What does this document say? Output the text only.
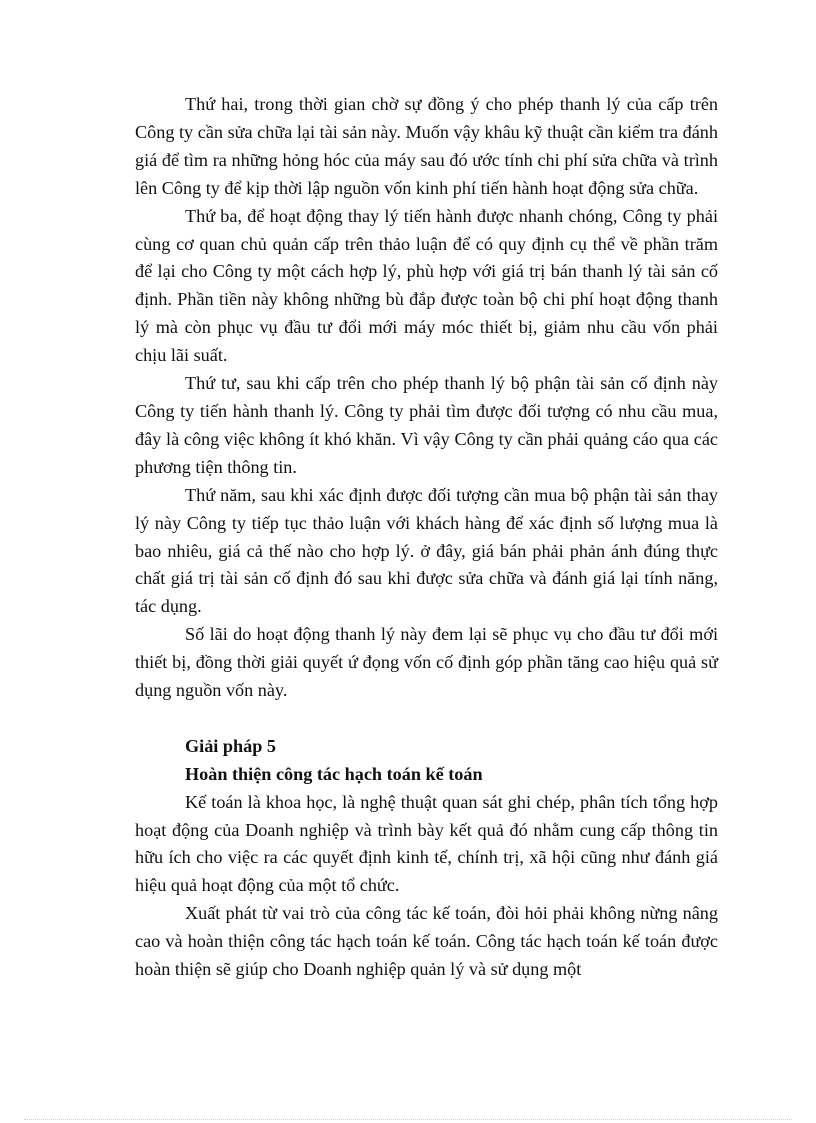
Thứ hai, trong thời gian chờ sự đồng ý cho phép thanh lý của cấp trên Công ty cần sửa chữa lại tài sản này. Muốn vậy khâu kỹ thuật cần kiểm tra đánh giá để tìm ra những hỏng hóc của máy sau đó ước tính chi phí sửa chữa và trình lên Công ty để kịp thời lập nguồn vốn kinh phí tiến hành hoạt động sửa chữa.

Thứ ba, để hoạt động thay lý tiến hành được nhanh chóng, Công ty phải cùng cơ quan chủ quản cấp trên thảo luận để có quy định cụ thể về phần trăm để lại cho Công ty một cách hợp lý, phù hợp với giá trị bán thanh lý tài sản cố định. Phần tiền này không những bù đắp được toàn bộ chi phí hoạt động thanh lý mà còn phục vụ đầu tư đổi mới máy móc thiết bị, giảm nhu cầu vốn phải chịu lãi suất.

Thứ tư, sau khi cấp trên cho phép thanh lý bộ phận tài sản cố định này Công ty tiến hành thanh lý. Công ty phải tìm được đối tượng có nhu cầu mua, đây là công việc không ít khó khăn. Vì vậy Công ty cần phải quảng cáo qua các phương tiện thông tin.

Thứ năm, sau khi xác định được đối tượng cần mua bộ phận tài sản thay lý này Công ty tiếp tục thảo luận với khách hàng để xác định số lượng mua là bao nhiêu, giá cả thế nào cho hợp lý. ở đây, giá bán phải phản ánh đúng thực chất giá trị tài sản cố định đó sau khi được sửa chữa và đánh giá lại tính năng, tác dụng.

Số lãi do hoạt động thanh lý này đem lại sẽ phục vụ cho đầu tư đổi mới thiết bị, đồng thời giải quyết ứ đọng vốn cố định góp phần tăng cao hiệu quả sử dụng nguồn vốn này.

Giải pháp 5

Hoàn thiện công tác hạch toán kế toán

Kế toán là khoa học, là nghệ thuật quan sát ghi chép, phân tích tổng hợp hoạt động của Doanh nghiệp và trình bày kết quả đó nhằm cung cấp thông tin hữu ích cho việc ra các quyết định kinh tế, chính trị, xã hội cũng như đánh giá hiệu quả hoạt động của một tổ chức.

Xuất phát từ vai trò của công tác kế toán, đòi hỏi phải không nừng nâng cao và hoàn thiện công tác hạch toán kế toán. Công tác hạch toán kế toán được hoàn thiện sẽ giúp cho Doanh nghiệp quản lý và sử dụng một
